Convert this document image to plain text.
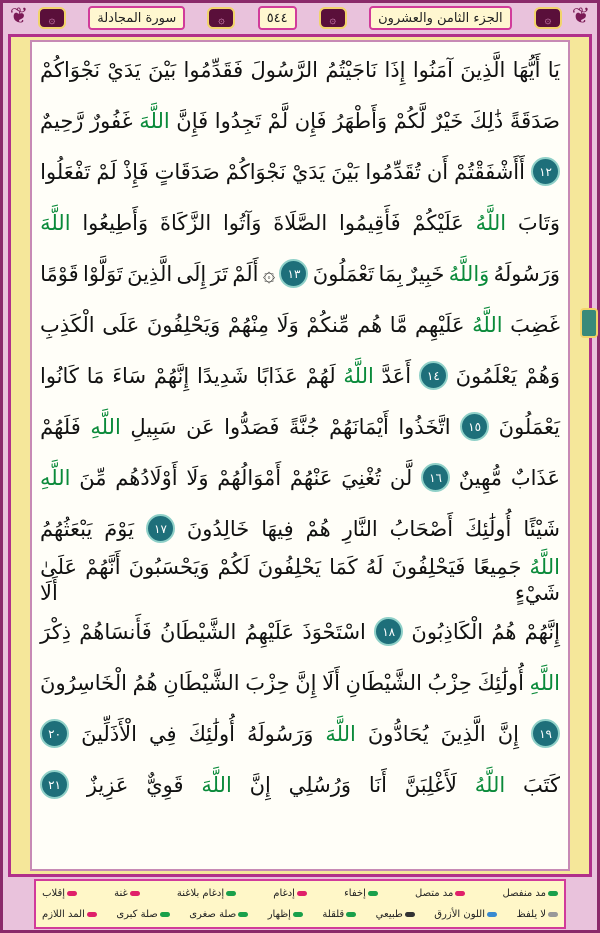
❦	❦
۞	سورة المجادلة	۞	٥٤٤	۞	الجزء الثامن والعشرون	۞
يَا
أَيُّهَا
الَّذِينَ
آمَنُوا
إِذَا
نَاجَيْتُمُ
الرَّسُولَ
فَقَدِّمُوا
بَيْنَ
يَدَيْ
نَجْوَاكُمْ
صَدَقَةً
ذَٰلِكَ
خَيْرٌ
لَّكُمْ
وَأَطْهَرُ
فَإِن
لَّمْ
تَجِدُوا
فَإِنَّ
اللَّهَ
غَفُورٌ
رَّحِيمٌ
١٢
أَأَشْفَقْتُمْ
أَن
تُقَدِّمُوا
بَيْنَ
يَدَيْ
نَجْوَاكُمْ
صَدَقَاتٍ
فَإِذْ
لَمْ
تَفْعَلُوا
وَتَابَ
اللَّهُ
عَلَيْكُمْ
فَأَقِيمُوا
الصَّلَاةَ
وَآتُوا
الزَّكَاةَ
وَأَطِيعُوا
اللَّهَ
وَرَسُولَهُ
وَاللَّهُ
خَبِيرٌ
بِمَا
تَعْمَلُونَ
١٣
۞
أَلَمْ
تَرَ
إِلَى
الَّذِينَ
تَوَلَّوْا
قَوْمًا
غَضِبَ
اللَّهُ
عَلَيْهِم
مَّا
هُم
مِّنكُمْ
وَلَا
مِنْهُمْ
وَيَحْلِفُونَ
عَلَى
الْكَذِبِ
وَهُمْ
يَعْلَمُونَ
١٤
أَعَدَّ
اللَّهُ
لَهُمْ
عَذَابًا
شَدِيدًا
إِنَّهُمْ
سَاءَ
مَا
كَانُوا
يَعْمَلُونَ
١٥
اتَّخَذُوا
أَيْمَانَهُمْ
جُنَّةً
فَصَدُّوا
عَن
سَبِيلِ
اللَّهِ
فَلَهُمْ
عَذَابٌ
مُّهِينٌ
١٦
لَّن
تُغْنِيَ
عَنْهُمْ
أَمْوَالُهُمْ
وَلَا
أَوْلَادُهُم
مِّنَ
اللَّهِ
شَيْئًا
أُولَٰئِكَ
أَصْحَابُ
النَّارِ
هُمْ
فِيهَا
خَالِدُونَ
١٧
يَوْمَ
يَبْعَثُهُمُ
اللَّهُ
جَمِيعًا
فَيَحْلِفُونَ
لَهُ
كَمَا
يَحْلِفُونَ
لَكُمْ
وَيَحْسَبُونَ
أَنَّهُمْ
عَلَىٰ
شَيْءٍ
أَلَا
إِنَّهُمْ
هُمُ
الْكَاذِبُونَ
١٨
اسْتَحْوَذَ
عَلَيْهِمُ
الشَّيْطَانُ
فَأَنسَاهُمْ
ذِكْرَ
اللَّهِ
أُولَٰئِكَ
حِزْبُ
الشَّيْطَانِ
أَلَا
إِنَّ
حِزْبَ
الشَّيْطَانِ
هُمُ
الْخَاسِرُونَ
١٩
إِنَّ
الَّذِينَ
يُحَادُّونَ
اللَّهَ
وَرَسُولَهُ
أُولَٰئِكَ
فِي
الْأَذَلِّينَ
٢٠
كَتَبَ
اللَّهُ
لَأَغْلِبَنَّ
أَنَا
وَرُسُلِي
إِنَّ
اللَّهَ
قَوِيٌّ
عَزِيزٌ
٢١
مد منفصل
مد متصل
إخفاء
إدغام
إدغام بلاغنة
غنة
إقلاب
لا يلفظ
اللون الأزرق
طبيعي
قلقلة
إظهار
صلة صغرى
صلة كبرى
المد اللازم
